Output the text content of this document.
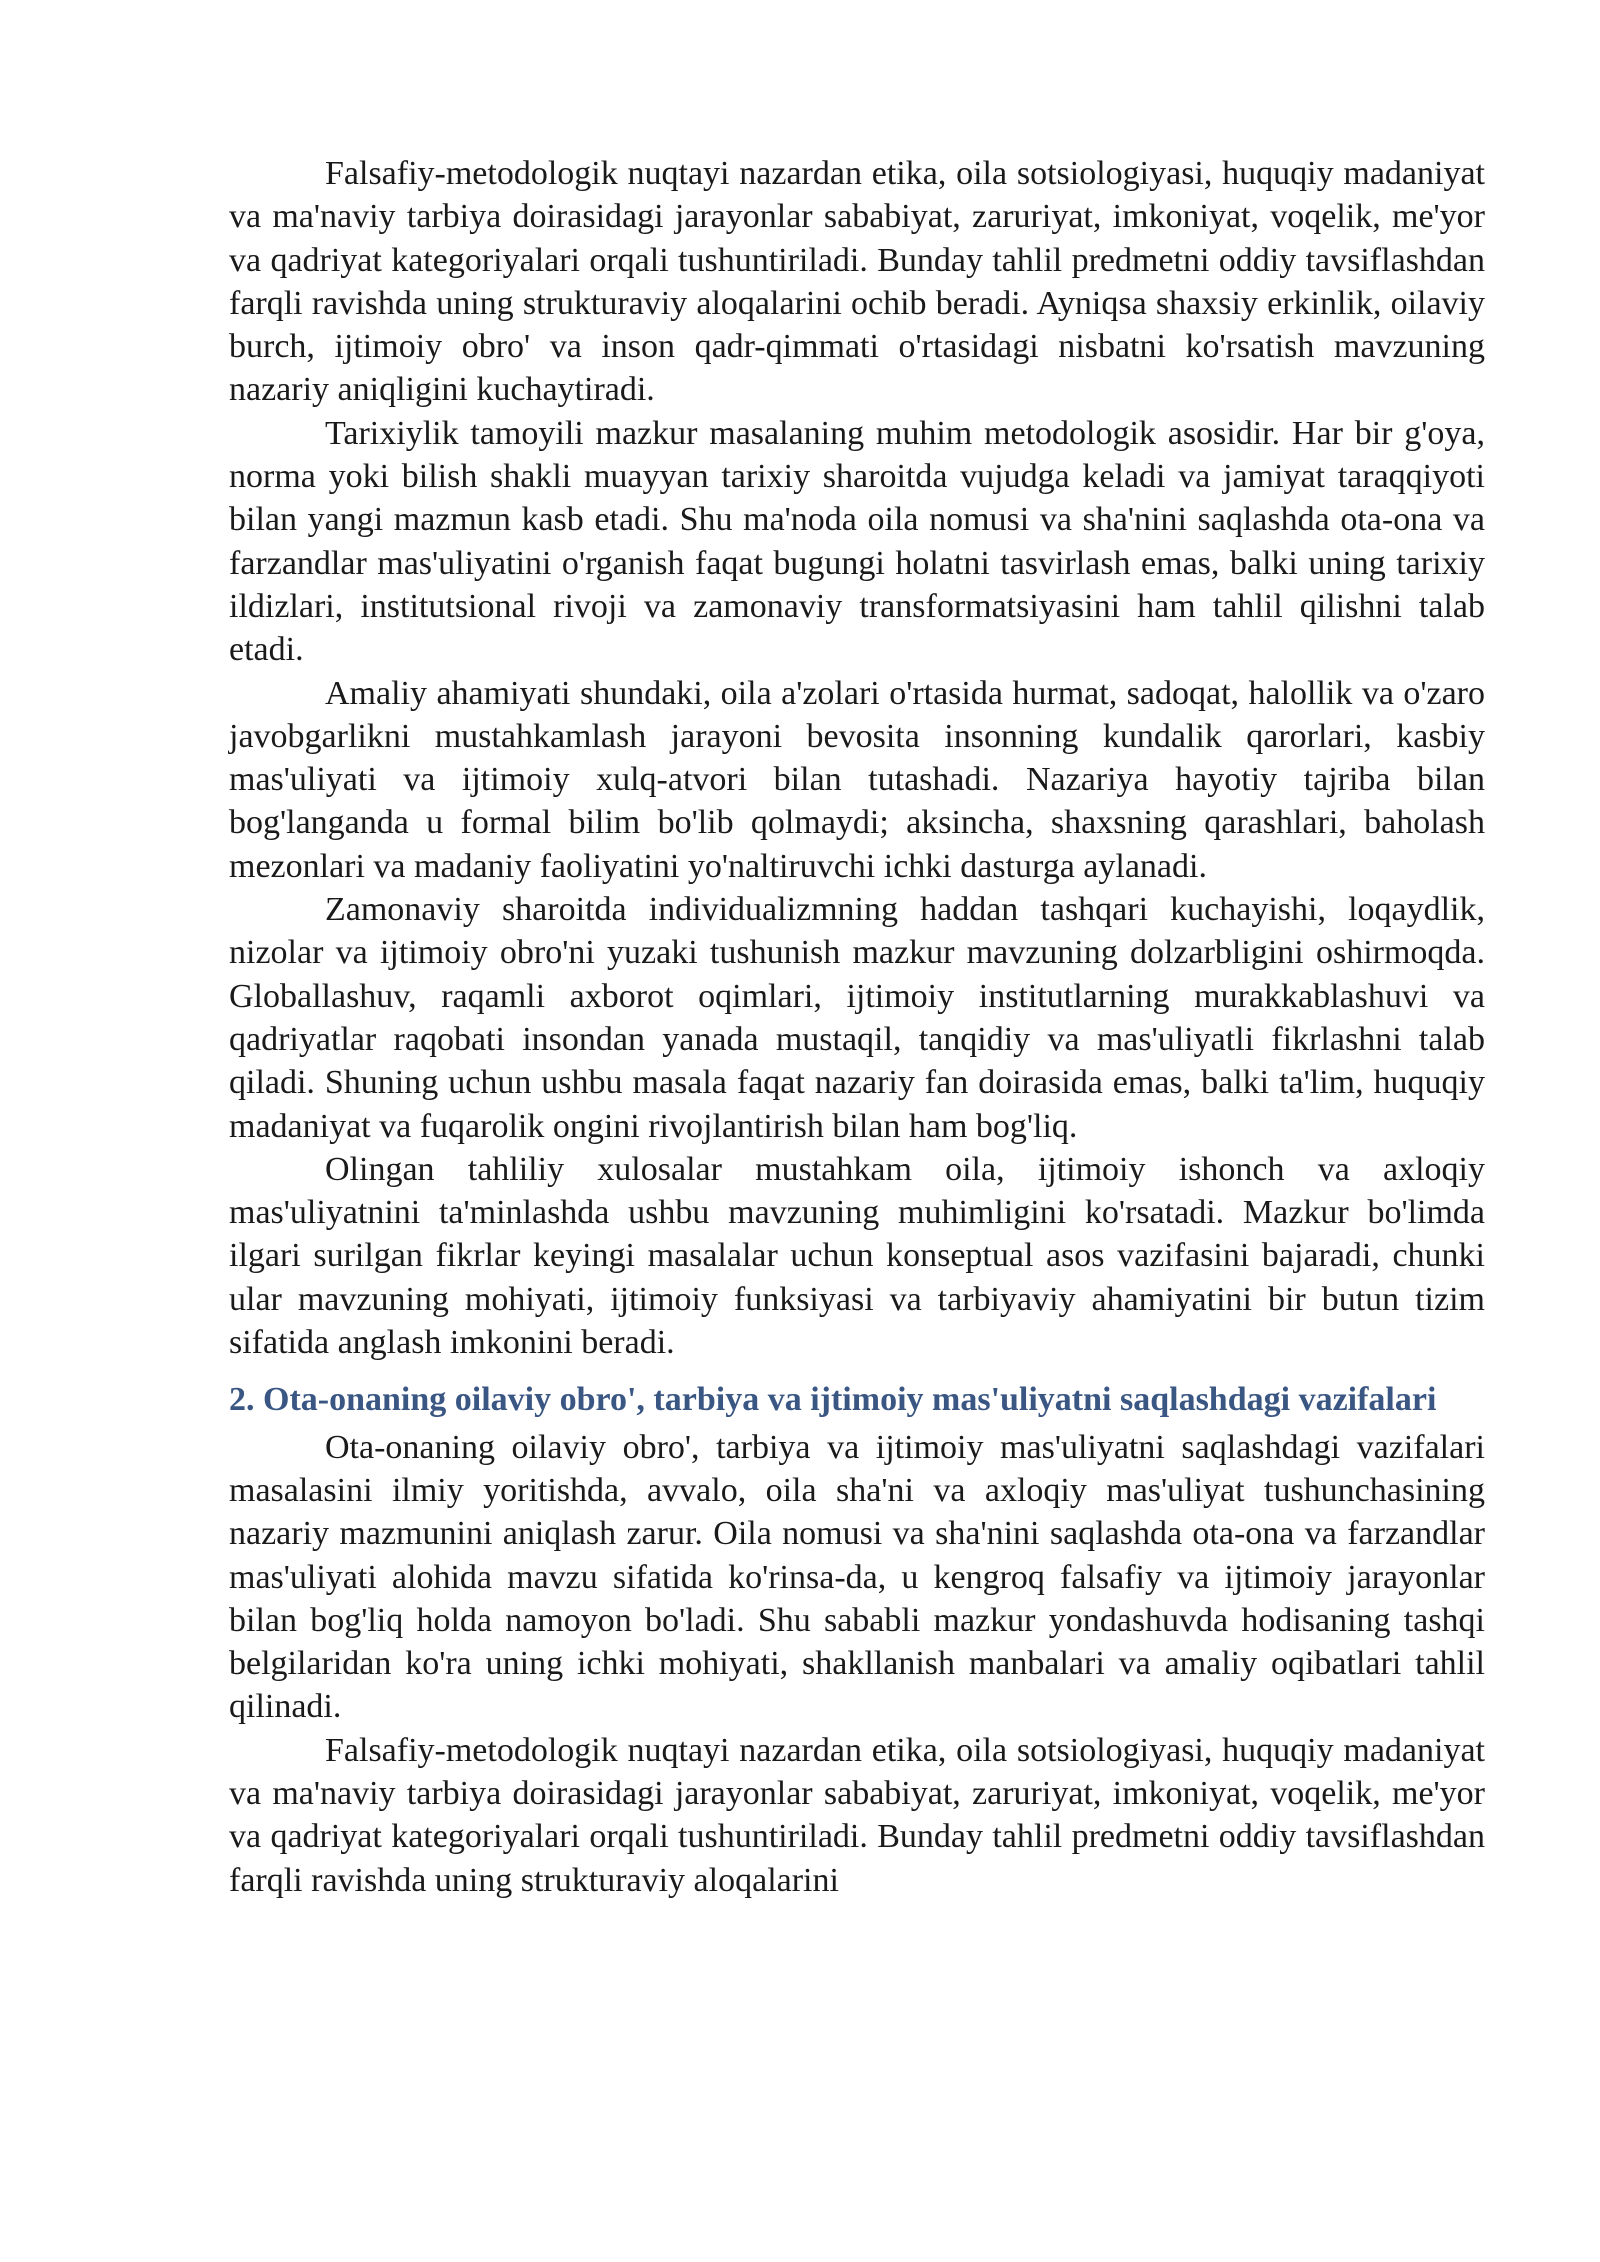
Falsafiy-metodologik nuqtayi nazardan etika, oila sotsiologiyasi, huquqiy madaniyat va ma'naviy tarbiya doirasidagi jarayonlar sababiyat, zaruriyat, imkoniyat, voqelik, me'yor va qadriyat kategoriyalari orqali tushuntiriladi. Bunday tahlil predmetni oddiy tavsiflashdan farqli ravishda uning strukturaviy aloqalarini ochib beradi. Ayniqsa shaxsiy erkinlik, oilaviy burch, ijtimoiy obro' va inson qadr-qimmati o'rtasidagi nisbatni ko'rsatish mavzuning nazariy aniqligini kuchaytiradi.

Tarixiylik tamoyili mazkur masalaning muhim metodologik asosidir. Har bir g'oya, norma yoki bilish shakli muayyan tarixiy sharoitda vujudga keladi va jamiyat taraqqiyoti bilan yangi mazmun kasb etadi. Shu ma'noda oila nomusi va sha'nini saqlashda ota-ona va farzandlar mas'uliyatini o'rganish faqat bugungi holatni tasvirlash emas, balki uning tarixiy ildizlari, institutsional rivoji va zamonaviy transformatsiyasini ham tahlil qilishni talab etadi.

Amaliy ahamiyati shundaki, oila a'zolari o'rtasida hurmat, sadoqat, halollik va o'zaro javobgarlikni mustahkamlash jarayoni bevosita insonning kundalik qarorlari, kasbiy mas'uliyati va ijtimoiy xulq-atvori bilan tutashadi. Nazariya hayotiy tajriba bilan bog'langanda u formal bilim bo'lib qolmaydi; aksincha, shaxsning qarashlari, baholash mezonlari va madaniy faoliyatini yo'naltiruvchi ichki dasturga aylanadi.

Zamonaviy sharoitda individualizmning haddan tashqari kuchayishi, loqaydlik, nizolar va ijtimoiy obro'ni yuzaki tushunish mazkur mavzuning dolzarbligini oshirmoqda. Globallashuv, raqamli axborot oqimlari, ijtimoiy institutlarning murakkablashuvi va qadriyatlar raqobati insondan yanada mustaqil, tanqidiy va mas'uliyatli fikrlashni talab qiladi. Shuning uchun ushbu masala faqat nazariy fan doirasida emas, balki ta'lim, huquqiy madaniyat va fuqarolik ongini rivojlantirish bilan ham bog'liq.

Olingan tahliliy xulosalar mustahkam oila, ijtimoiy ishonch va axloqiy mas'uliyatnini ta'minlashda ushbu mavzuning muhimligini ko'rsatadi. Mazkur bo'limda ilgari surilgan fikrlar keyingi masalalar uchun konseptual asos vazifasini bajaradi, chunki ular mavzuning mohiyati, ijtimoiy funksiyasi va tarbiyaviy ahamiyatini bir butun tizim sifatida anglash imkonini beradi.

2. Ota-onaning oilaviy obro', tarbiya va ijtimoiy mas'uliyatni saqlashdagi vazifalari

Ota-onaning oilaviy obro', tarbiya va ijtimoiy mas'uliyatni saqlashdagi vazifalari masalasini ilmiy yoritishda, avvalo, oila sha'ni va axloqiy mas'uliyat tushunchasining nazariy mazmunini aniqlash zarur. Oila nomusi va sha'nini saqlashda ota-ona va farzandlar mas'uliyati alohida mavzu sifatida ko'rinsa-da, u kengroq falsafiy va ijtimoiy jarayonlar bilan bog'liq holda namoyon bo'ladi. Shu sababli mazkur yondashuvda hodisaning tashqi belgilaridan ko'ra uning ichki mohiyati, shakllanish manbalari va amaliy oqibatlari tahlil qilinadi.

Falsafiy-metodologik nuqtayi nazardan etika, oila sotsiologiyasi, huquqiy madaniyat va ma'naviy tarbiya doirasidagi jarayonlar sababiyat, zaruriyat, imkoniyat, voqelik, me'yor va qadriyat kategoriyalari orqali tushuntiriladi. Bunday tahlil predmetni oddiy tavsiflashdan farqli ravishda uning strukturaviy aloqalarini
